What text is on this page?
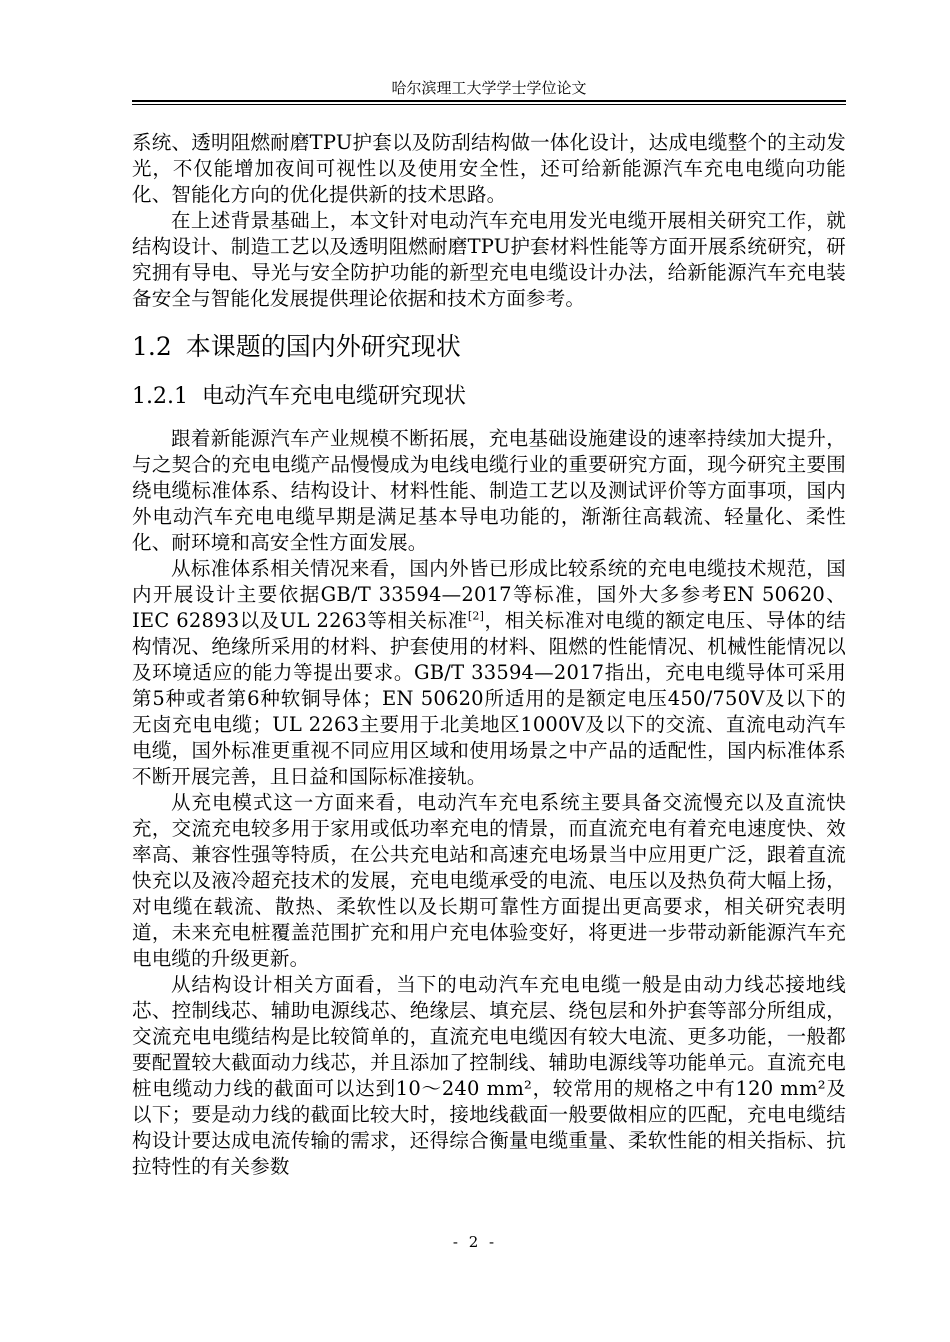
哈尔滨理工大学学士学位论文

系统、透明阻燃耐磨TPU护套以及防刮结构做一体化设计，达成电缆整个的主动发光，不仅能增加夜间可视性以及使用安全性，还可给新能源汽车充电电缆向功能化、智能化方向的优化提供新的技术思路。

在上述背景基础上，本文针对电动汽车充电用发光电缆开展相关研究工作，就结构设计、制造工艺以及透明阻燃耐磨TPU护套材料性能等方面开展系统研究，研究拥有导电、导光与安全防护功能的新型充电电缆设计办法，给新能源汽车充电装备安全与智能化发展提供理论依据和技术方面参考。

1.2 本课题的国内外研究现状
1.2.1 电动汽车充电电缆研究现状

跟着新能源汽车产业规模不断拓展，充电基础设施建设的速率持续加大提升，与之契合的充电电缆产品慢慢成为电线电缆行业的重要研究方面，现今研究主要围绕电缆标准体系、结构设计、材料性能、制造工艺以及测试评价等方面事项，国内外电动汽车充电电缆早期是满足基本导电功能的，渐渐往高载流、轻量化、柔性化、耐环境和高安全性方面发展。

从标准体系相关情况来看，国内外皆已形成比较系统的充电电缆技术规范，国内开展设计主要依据GB/T 33594—2017等标准，国外大多参考EN 50620、IEC 62893以及UL 2263等相关标准[2]，相关标准对电缆的额定电压、导体的结构情况、绝缘所采用的材料、护套使用的材料、阻燃的性能情况、机械性能情况以及环境适应的能力等提出要求。GB/T 33594—2017指出，充电电缆导体可采用第5种或者第6种软铜导体；EN 50620所适用的是额定电压450/750V及以下的无卤充电电缆；UL 2263主要用于北美地区1000V及以下的交流、直流电动汽车电缆，国外标准更重视不同应用区域和使用场景之中产品的适配性，国内标准体系不断开展完善，且日益和国际标准接轨。

从充电模式这一方面来看，电动汽车充电系统主要具备交流慢充以及直流快充，交流充电较多用于家用或低功率充电的情景，而直流充电有着充电速度快、效率高、兼容性强等特质，在公共充电站和高速充电场景当中应用更广泛，跟着直流快充以及液冷超充技术的发展，充电电缆承受的电流、电压以及热负荷大幅上扬，对电缆在载流、散热、柔软性以及长期可靠性方面提出更高要求，相关研究表明道，未来充电桩覆盖范围扩充和用户充电体验变好，将更进一步带动新能源汽车充电电缆的升级更新。

从结构设计相关方面看，当下的电动汽车充电电缆一般是由动力线芯接地线芯、控制线芯、辅助电源线芯、绝缘层、填充层、绕包层和外护套等部分所组成，交流充电电缆结构是比较简单的，直流充电电缆因有较大电流、更多功能，一般都要配置较大截面动力线芯，并且添加了控制线、辅助电源线等功能单元。直流充电桩电缆动力线的截面可以达到10～240 mm²，较常用的规格之中有120 mm²及以下；要是动力线的截面比较大时，接地线截面一般要做相应的匹配，充电电缆结构设计要达成电流传输的需求，还得综合衡量电缆重量、柔软性能的相关指标、抗拉特性的有关参数

- 2 -
